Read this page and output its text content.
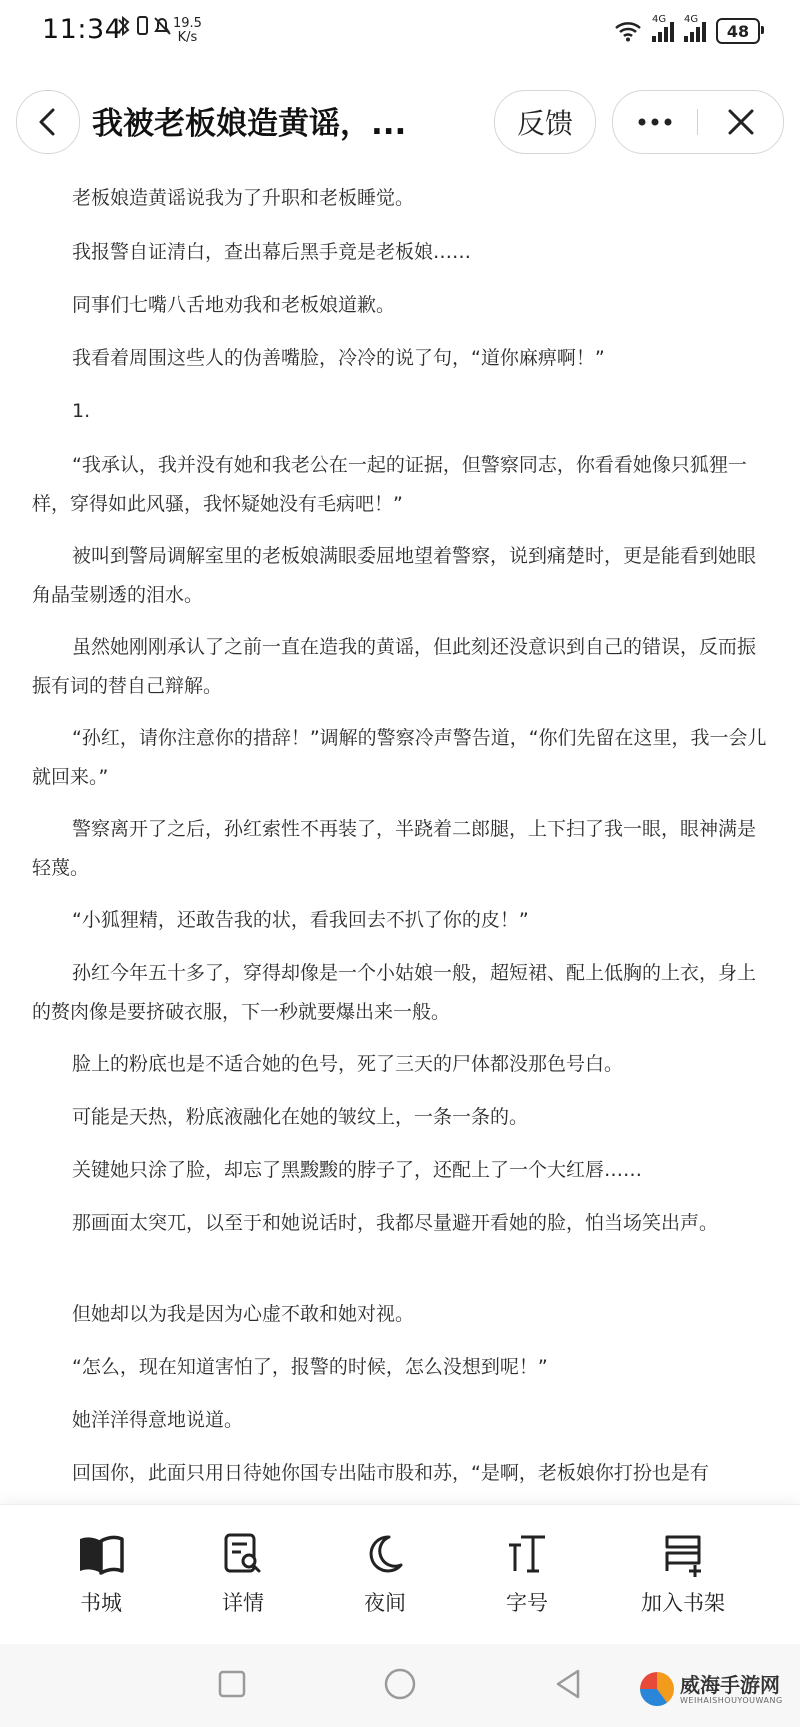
11:34	19.5
K/s
4G 4G
48
我被老板娘造黄谣，...	反馈

老板娘造黄谣说我为了升职和老板睡觉。

我报警自证清白，查出幕后黑手竟是老板娘……

同事们七嘴八舌地劝我和老板娘道歉。

我看着周围这些人的伪善嘴脸，冷冷的说了句，“道你麻痹啊！”

1.

“我承认，我并没有她和我老公在一起的证据，但警察同志，你看看她像只狐狸一样，穿得如此风骚，我怀疑她没有毛病吧！”

被叫到警局调解室里的老板娘满眼委屈地望着警察，说到痛楚时，更是能看到她眼角晶莹剔透的泪水。

虽然她刚刚承认了之前一直在造我的黄谣，但此刻还没意识到自己的错误，反而振振有词的替自己辩解。

“孙红，请你注意你的措辞！”调解的警察冷声警告道，“你们先留在这里，我一会儿就回来。”

警察离开了之后，孙红索性不再装了，半跷着二郎腿，上下扫了我一眼，眼神满是轻蔑。

“小狐狸精，还敢告我的状，看我回去不扒了你的皮！”

孙红今年五十多了，穿得却像是一个小姑娘一般，超短裙、配上低胸的上衣，身上的赘肉像是要挤破衣服，下一秒就要爆出来一般。

脸上的粉底也是不适合她的色号，死了三天的尸体都没那色号白。

可能是天热，粉底液融化在她的皱纹上，一条一条的。

关键她只涂了脸，却忘了黑黢黢的脖子了，还配上了一个大红唇……

那画面太突兀，以至于和她说话时，我都尽量避开看她的脸，怕当场笑出声。

但她却以为我是因为心虚不敢和她对视。

“怎么，现在知道害怕了，报警的时候，怎么没想到呢！”

她洋洋得意地说道。

回国你，此面只用日待她你国专出陆市股和苏，“是啊，老板娘你打扮也是有

书城	详情	夜间	字号	加入书架
威海手游网
WEIHAISHOUYOUWANG
